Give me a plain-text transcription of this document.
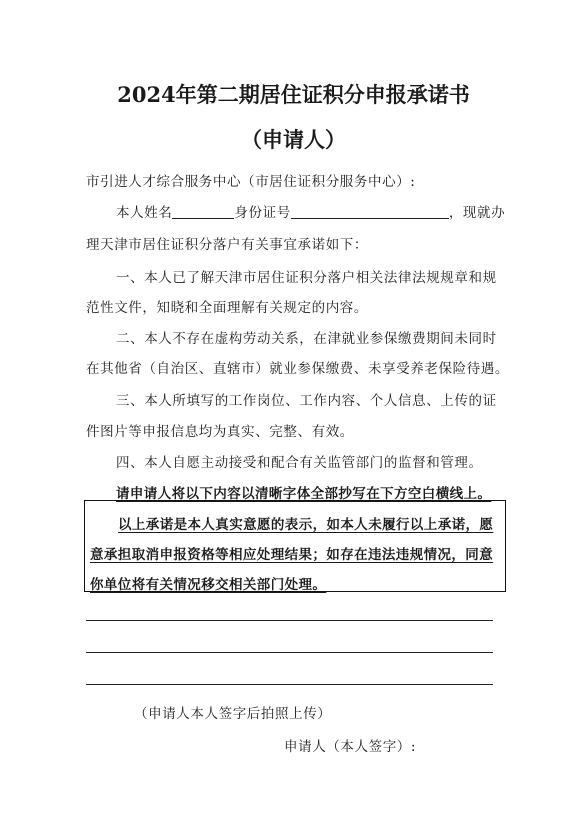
2024年第二期居住证积分申报承诺书
（申请人）
市引进人才综合服务中心（市居住证积分服务中心）:
本人姓名	身份证号	，现就办
理天津市居住证积分落户有关事宜承诺如下：
一、本人已了解天津市居住证积分落户相关法律法规规章和规
范性文件，知晓和全面理解有关规定的内容。
二、本人不存在虚构劳动关系，在津就业参保缴费期间未同时
在其他省（自治区、直辖市）就业参保缴费、未享受养老保险待遇。
三、本人所填写的工作岗位、工作内容、个人信息、上传的证
件图片等申报信息均为真实、完整、有效。
四、本人自愿主动接受和配合有关监管部门的监督和管理。
请申请人将以下内容以清晰字体全部抄写在下方空白横线上。
以上承诺是本人真实意愿的表示，如本人未履行以上承诺，愿
意承担取消申报资格等相应处理结果；如存在违法违规情况，同意
你单位将有关情况移交相关部门处理。
（申请人本人签字后拍照上传）
申请人（本人签字）:
